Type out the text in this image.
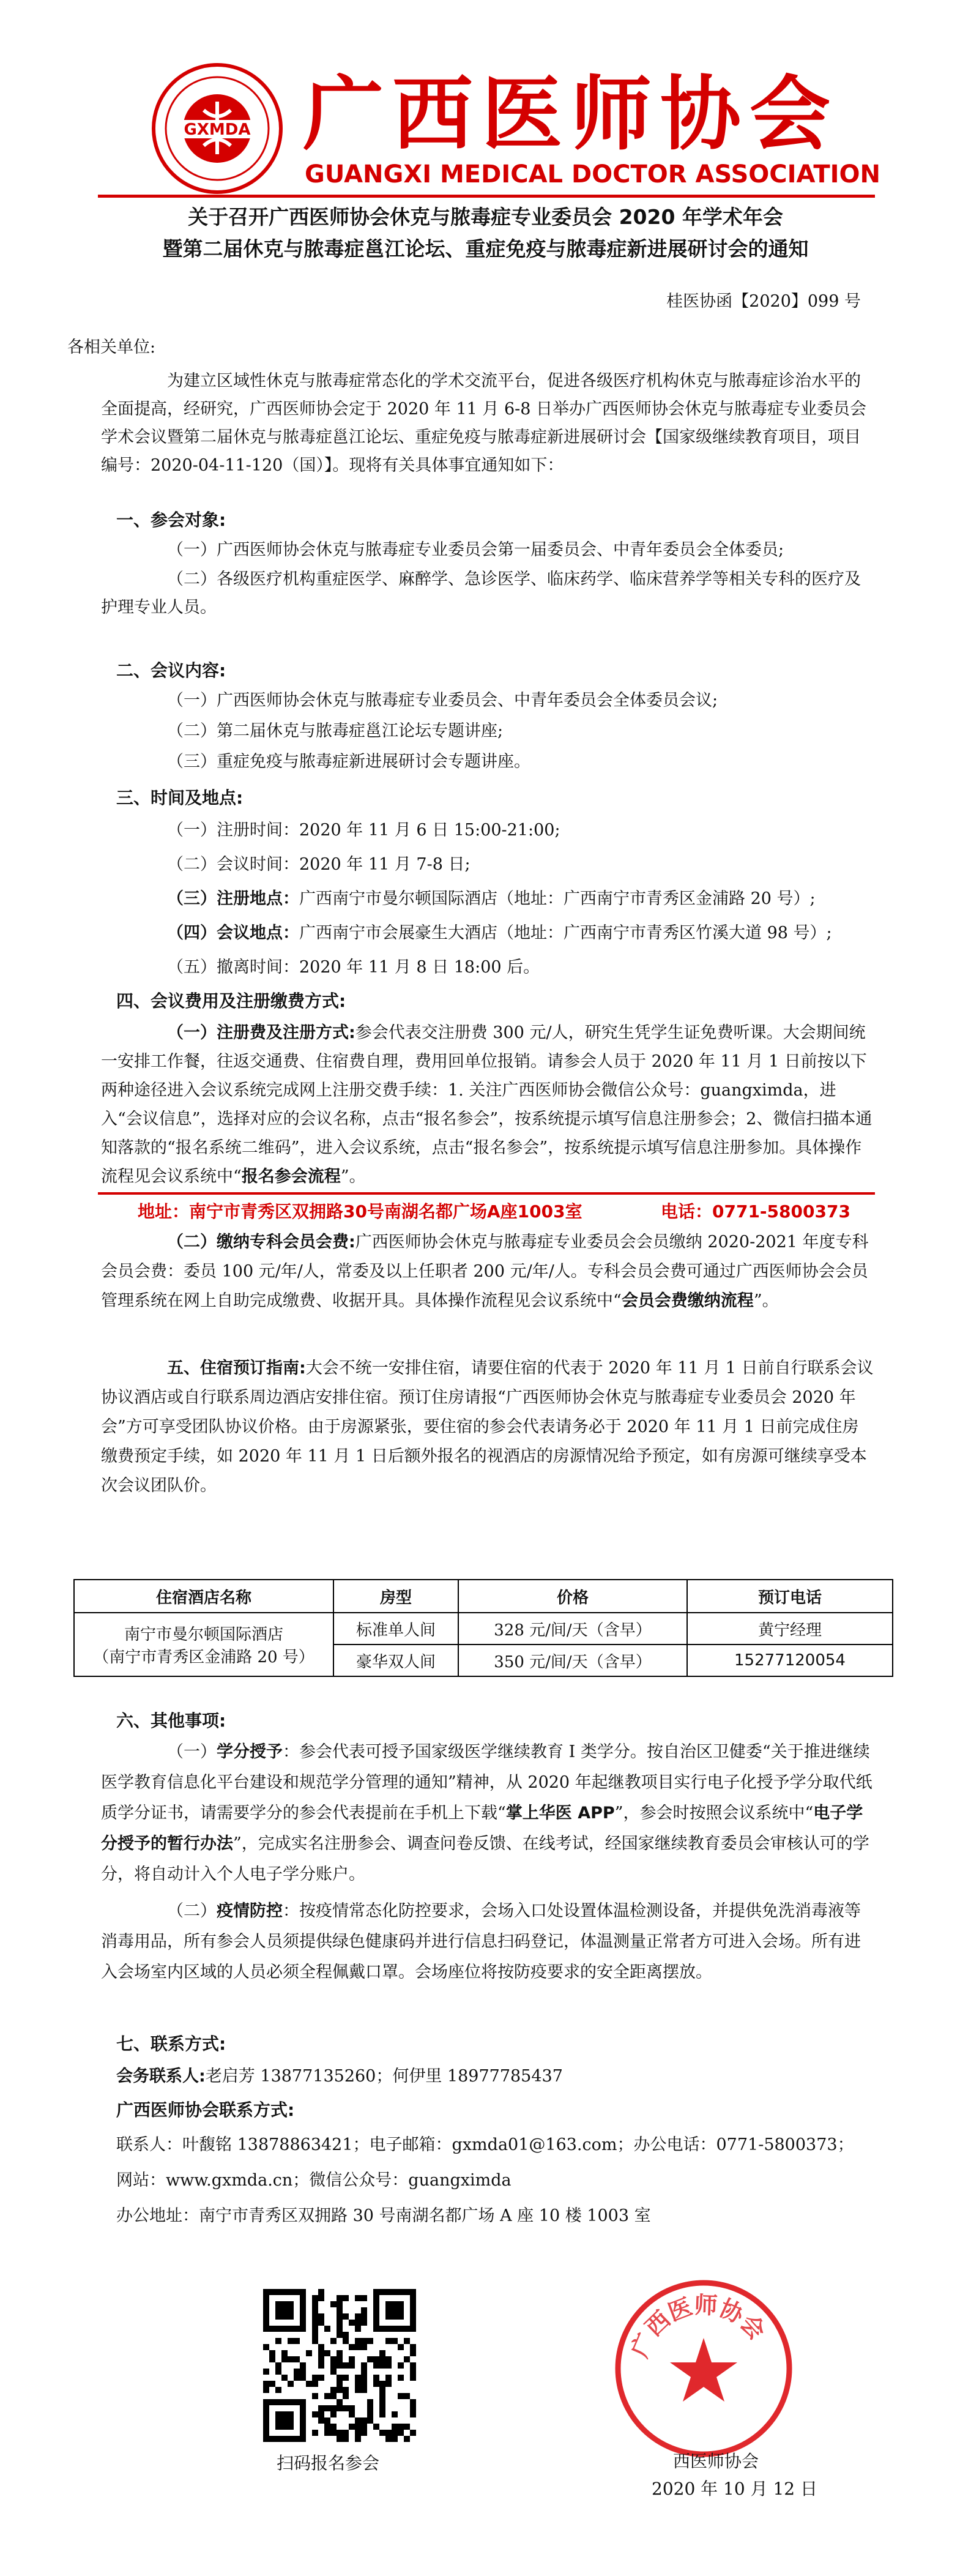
GXMDA 广西医师协会
GUANGXI MEDICAL DOCTOR ASSOCIATION
关于召开广西医师协会休克与脓毒症专业委员会 2020 年学术年会
暨第二届休克与脓毒症邕江论坛、重症免疫与脓毒症新进展研讨会的通知
桂医协函【2020】099 号
各相关单位:

为建立区域性休克与脓毒症常态化的学术交流平台，促进各级医疗机构休克与脓毒症诊治水平的全面提高，经研究，广西医师协会定于 2020 年 11 月 6-8 日举办广西医师协会休克与脓毒症专业委员会学术会议暨第二届休克与脓毒症邕江论坛、重症免疫与脓毒症新进展研讨会【国家级继续教育项目，项目编号：2020-04-11-120（国）】。现将有关具体事宜通知如下：

一、参会对象:

（一）广西医师协会休克与脓毒症专业委员会第一届委员会、中青年委员会全体委员;

（二）各级医疗机构重症医学、麻醉学、急诊医学、临床药学、临床营养学等相关专科的医疗及护理专业人员。

二、会议内容:

（一）广西医师协会休克与脓毒症专业委员会、中青年委员会全体委员会议;

（二）第二届休克与脓毒症邕江论坛专题讲座;

（三）重症免疫与脓毒症新进展研讨会专题讲座。

三、时间及地点:

（一）注册时间：2020 年 11 月 6 日 15:00-21:00;

（二）会议时间：2020 年 11 月 7-8 日;

（三）注册地点：广西南宁市曼尔顿国际酒店（地址：广西南宁市青秀区金浦路 20 号）;

（四）会议地点：广西南宁市会展豪生大酒店（地址：广西南宁市青秀区竹溪大道 98 号）;

（五）撤离时间：2020 年 11 月 8 日 18:00 后。

四、会议费用及注册缴费方式:

（一）注册费及注册方式:参会代表交注册费 300 元/人，研究生凭学生证免费听课。大会期间统一安排工作餐，往返交通费、住宿费自理，费用回单位报销。请参会人员于 2020 年 11 月 1 日前按以下两种途径进入会议系统完成网上注册交费手续：1. 关注广西医师协会微信公众号：guangximda，进入“会议信息”，选择对应的会议名称，点击“报名参会”，按系统提示填写信息注册参会；2、微信扫描本通知落款的“报名系统二维码”，进入会议系统，点击“报名参会”，按系统提示填写信息注册参加。具体操作流程见会议系统中“报名参会流程”。

地址：南宁市青秀区双拥路30号南湖名都广场A座1003室	电话：0771-5800373

（二）缴纳专科会员会费:广西医师协会休克与脓毒症专业委员会会员缴纳 2020-2021 年度专科会员会费：委员 100 元/年/人，常委及以上任职者 200 元/年/人。专科会员会费可通过广西医师协会会员管理系统在网上自助完成缴费、收据开具。具体操作流程见会议系统中“会员会费缴纳流程”。

五、住宿预订指南:大会不统一安排住宿，请要住宿的代表于 2020 年 11 月 1 日前自行联系会议协议酒店或自行联系周边酒店安排住宿。预订住房请报“广西医师协会休克与脓毒症专业委员会 2020 年会”方可享受团队协议价格。由于房源紧张，要住宿的参会代表请务必于 2020 年 11 月 1 日前完成住房缴费预定手续，如 2020 年 11 月 1 日后额外报名的视酒店的房源情况给予预定，如有房源可继续享受本次会议团队价。

住宿酒店名称	房型	价格	预订电话

南宁市曼尔顿国际酒店
（南宁市青秀区金浦路 20 号）	标准单人间	328 元/间/天（含早）	黄宁经理
	豪华双人间	350 元/间/天（含早）	15277120054
六、其他事项:

（一）学分授予：参会代表可授予国家级医学继续教育 I 类学分。按自治区卫健委“关于推进继续医学教育信息化平台建设和规范学分管理的通知”精神，从 2020 年起继教项目实行电子化授予学分取代纸质学分证书，请需要学分的参会代表提前在手机上下载“掌上华医 APP”，参会时按照会议系统中“电子学分授予的暂行办法”，完成实名注册参会、调查问卷反馈、在线考试，经国家继续教育委员会审核认可的学分，将自动计入个人电子学分账户。

（二）疫情防控：按疫情常态化防控要求，会场入口处设置体温检测设备，并提供免洗消毒液等消毒用品，所有参会人员须提供绿色健康码并进行信息扫码登记，体温测量正常者方可进入会场。所有进入会场室内区域的人员必须全程佩戴口罩。会场座位将按防疫要求的安全距离摆放。

七、联系方式:
会务联系人:老启芳 13877135260；何伊里 18977785437
广西医师协会联系方式:
联系人：叶馥铭 13878863421；电子邮箱：gxmda01@163.com；办公电话：0771-5800373；
网站：www.gxmda.cn；微信公众号：guangximda
办公地址：南宁市青秀区双拥路 30 号南湖名都广场 A 座 10 楼 1003 室
扫码报名参会
广西医师协会
西医师协会
2020 年 10 月 12 日
